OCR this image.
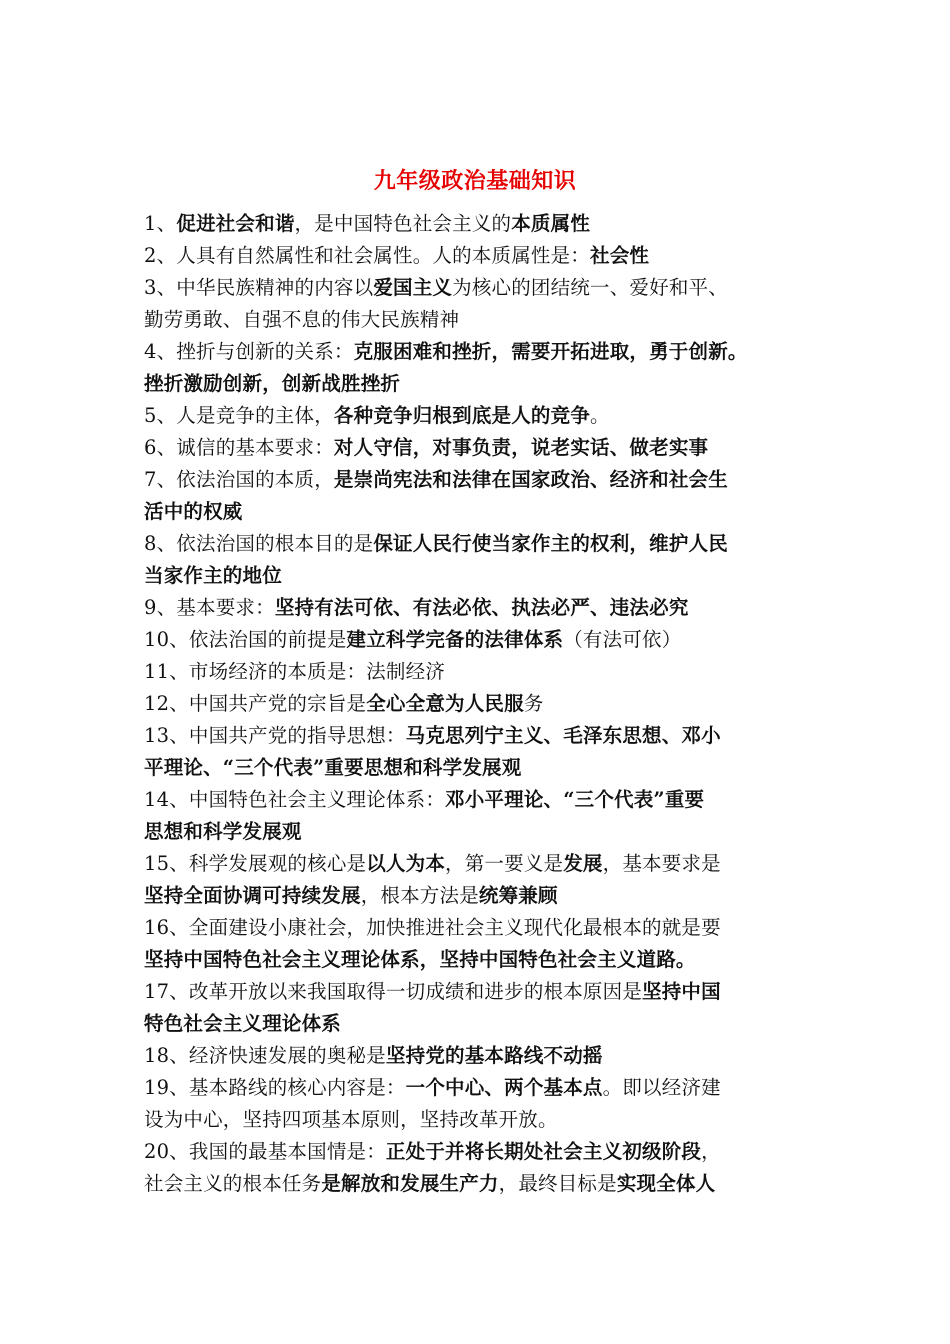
九年级政治基础知识
1、促进社会和谐，是中国特色社会主义的本质属性
2、人具有自然属性和社会属性。人的本质属性是：社会性
3、中华民族精神的内容以爱国主义为核心的团结统一、爱好和平、
勤劳勇敢、自强不息的伟大民族精神
4、挫折与创新的关系：克服困难和挫折，需要开拓进取，勇于创新。
挫折激励创新，创新战胜挫折
5、人是竞争的主体，各种竞争归根到底是人的竞争。
6、诚信的基本要求：对人守信，对事负责，说老实话、做老实事
7、依法治国的本质，是崇尚宪法和法律在国家政治、经济和社会生
活中的权威
8、依法治国的根本目的是保证人民行使当家作主的权利，维护人民
当家作主的地位
9、基本要求：坚持有法可依、有法必依、执法必严、违法必究
10、依法治国的前提是建立科学完备的法律体系（有法可依）
11、市场经济的本质是：法制经济
12、中国共产党的宗旨是全心全意为人民服务
13、中国共产党的指导思想：马克思列宁主义、毛泽东思想、邓小
平理论、“三个代表”重要思想和科学发展观
14、中国特色社会主义理论体系：邓小平理论、“三个代表”重要
思想和科学发展观
15、科学发展观的核心是以人为本，第一要义是发展，基本要求是
坚持全面协调可持续发展，根本方法是统筹兼顾
16、全面建设小康社会，加快推进社会主义现代化最根本的就是要
坚持中国特色社会主义理论体系，坚持中国特色社会主义道路。
17、改革开放以来我国取得一切成绩和进步的根本原因是坚持中国
特色社会主义理论体系
18、经济快速发展的奥秘是坚持党的基本路线不动摇
19、基本路线的核心内容是：一个中心、两个基本点。即以经济建
设为中心，坚持四项基本原则，坚持改革开放。
20、我国的最基本国情是：正处于并将长期处社会主义初级阶段，
社会主义的根本任务是解放和发展生产力，最终目标是实现全体人
